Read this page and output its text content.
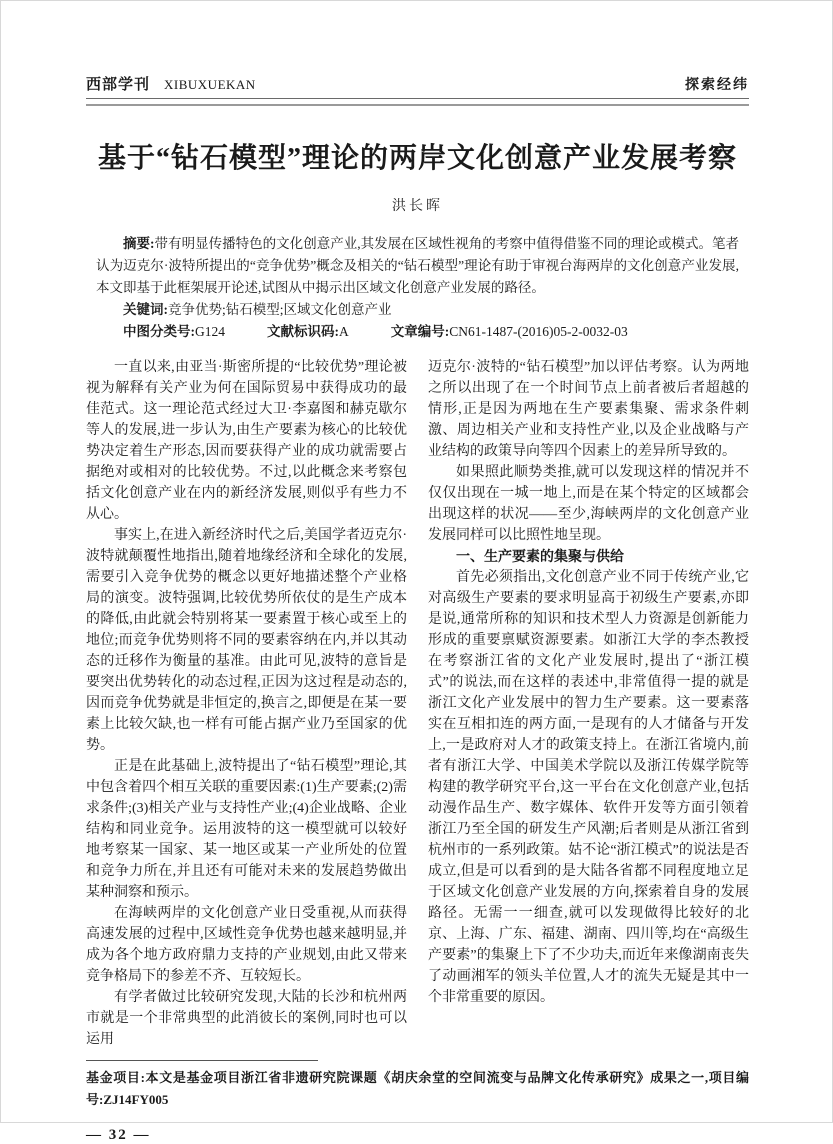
西部学刊 XIBUXUEKAN	探索经纬
基于“钻石模型”理论的两岸文化创意产业发展考察
洪长晖

摘要:带有明显传播特色的文化创意产业,其发展在区域性视角的考察中值得借鉴不同的理论或模式。笔者认为迈克尔·波特所提出的“竞争优势”概念及相关的“钻石模型”理论有助于审视台海两岸的文化创意产业发展,本文即基于此框架展开论述,试图从中揭示出区域文化创意产业发展的路径。

关键词:竞争优势;钻石模型;区域文化创意产业

中图分类号:G124	文献标识码:A	文章编号:CN61-1487-(2016)05-2-0032-03

一直以来,由亚当·斯密所提的“比较优势”理论被视为解释有关产业为何在国际贸易中获得成功的最佳范式。这一理论范式经过大卫·李嘉图和赫克歇尔等人的发展,进一步认为,由生产要素为核心的比较优势决定着生产形态,因而要获得产业的成功就需要占据绝对或相对的比较优势。不过,以此概念来考察包括文化创意产业在内的新经济发展,则似乎有些力不从心。

事实上,在进入新经济时代之后,美国学者迈克尔·波特就颠覆性地指出,随着地缘经济和全球化的发展,需要引入竞争优势的概念以更好地描述整个产业格局的演变。波特强调,比较优势所依仗的是生产成本的降低,由此就会特别将某一要素置于核心或至上的地位;而竞争优势则将不同的要素容纳在内,并以其动态的迁移作为衡量的基准。由此可见,波特的意旨是要突出优势转化的动态过程,正因为这过程是动态的,因而竞争优势就是非恒定的,换言之,即便是在某一要素上比较欠缺,也一样有可能占据产业乃至国家的优势。

正是在此基础上,波特提出了“钻石模型”理论,其中包含着四个相互关联的重要因素:(1)生产要素;(2)需求条件;(3)相关产业与支持性产业;(4)企业战略、企业结构和同业竞争。运用波特的这一模型就可以较好地考察某一国家、某一地区或某一产业所处的位置和竞争力所在,并且还有可能对未来的发展趋势做出某种洞察和预示。

在海峡两岸的文化创意产业日受重视,从而获得高速发展的过程中,区域性竞争优势也越来越明显,并成为各个地方政府鼎力支持的产业规划,由此又带来竞争格局下的参差不齐、互较短长。

有学者做过比较研究发现,大陆的长沙和杭州两市就是一个非常典型的此消彼长的案例,同时也可以运用

迈克尔·波特的“钻石模型”加以评估考察。认为两地之所以出现了在一个时间节点上前者被后者超越的情形,正是因为两地在生产要素集聚、需求条件刺激、周边相关产业和支持性产业,以及企业战略与产业结构的政策导向等四个因素上的差异所导致的。

如果照此顺势类推,就可以发现这样的情况并不仅仅出现在一城一地上,而是在某个特定的区域都会出现这样的状况——至少,海峡两岸的文化创意产业发展同样可以比照性地呈现。

一、生产要素的集聚与供给

首先必须指出,文化创意产业不同于传统产业,它对高级生产要素的要求明显高于初级生产要素,亦即是说,通常所称的知识和技术型人力资源是创新能力形成的重要禀赋资源要素。如浙江大学的李杰教授在考察浙江省的文化产业发展时,提出了“浙江模式”的说法,而在这样的表述中,非常值得一提的就是浙江文化产业发展中的智力生产要素。这一要素落实在互相扣连的两方面,一是现有的人才储备与开发上,一是政府对人才的政策支持上。在浙江省境内,前者有浙江大学、中国美术学院以及浙江传媒学院等构建的教学研究平台,这一平台在文化创意产业,包括动漫作品生产、数字媒体、软件开发等方面引领着浙江乃至全国的研发生产风潮;后者则是从浙江省到杭州市的一系列政策。姑不论“浙江模式”的说法是否成立,但是可以看到的是大陆各省都不同程度地立足于区域文化创意产业发展的方向,探索着自身的发展路径。无需一一细查,就可以发现做得比较好的北京、上海、广东、福建、湖南、四川等,均在“高级生产要素”的集聚上下了不少功夫,而近年来像湖南丧失了动画湘军的领头羊位置,人才的流失无疑是其中一个非常重要的原因。

基金项目:本文是基金项目浙江省非遗研究院课题《胡庆余堂的空间流变与品牌文化传承研究》成果之一,项目编号:ZJ14FY005

— 32 —
